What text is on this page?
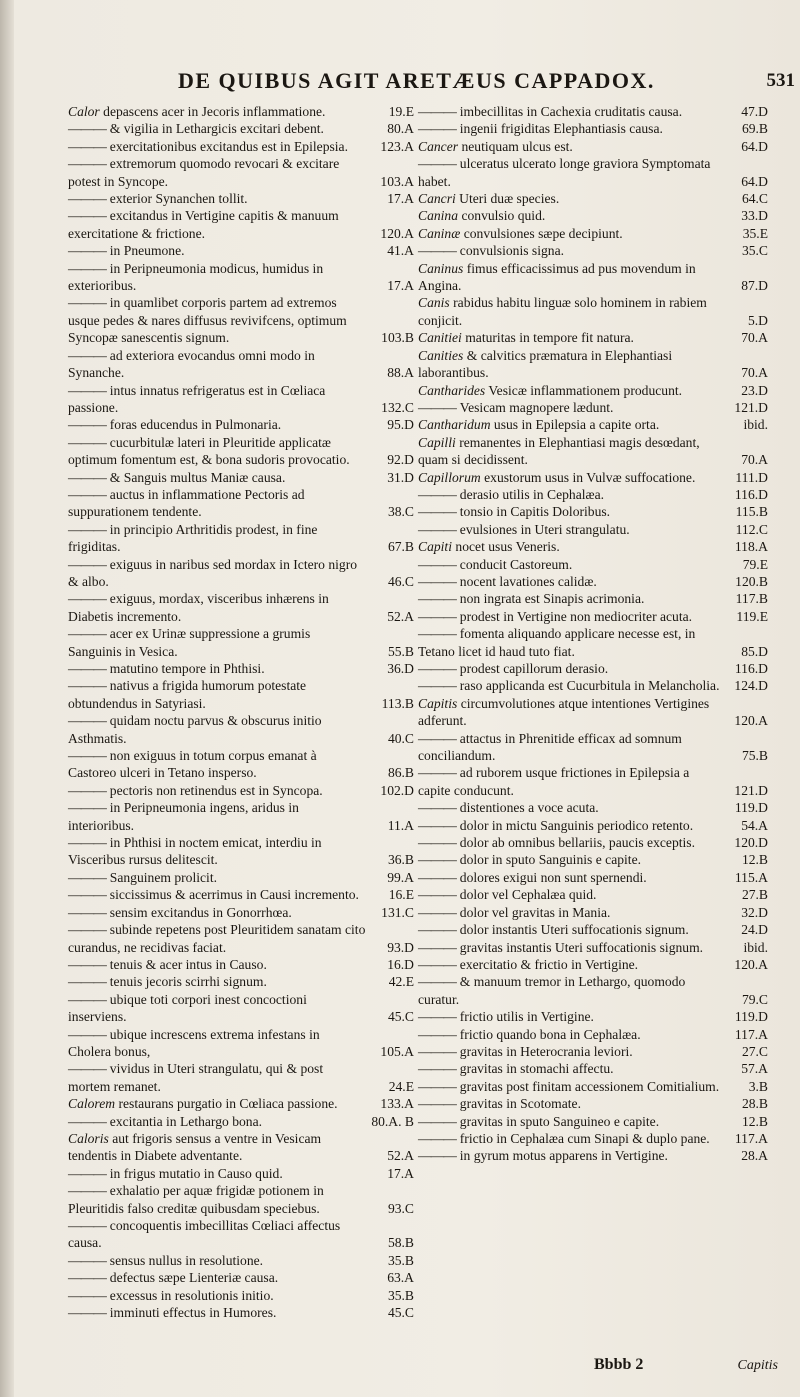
DE QUIBUS AGIT ARETÆUS CAPPADOX.	531
Calor depascens acer in Jecoris inflammatione.	19.E
——— & vigilia in Lethargicis excitari debent.	80.A
——— exercitationibus excitandus est in Epilepsia.	123.A
——— extremorum quomodo revocari & excitare potest in Syncope.	103.A
——— exterior Synanchen tollit.	17.A
——— excitandus in Vertigine capitis & manuum exercitatione & frictione.	120.A
——— in Pneumone.	41.A
——— in Peripneumonia modicus, humidus in exterioribus.	17.A
——— in quamlibet corporis partem ad extremos usque pedes & nares diffusus revivifcens, optimum Syncopæ sanescentis signum.	103.B
——— ad exteriora evocandus omni modo in Synanche.	88.A
——— intus innatus refrigeratus est in Cœliaca passione.	132.C
——— foras educendus in Pulmonaria.	95.D
——— cucurbitulæ lateri in Pleuritide applicatæ optimum fomentum est, & bona sudoris provocatio.	92.D
——— & Sanguis multus Maniæ causa.	31.D
——— auctus in inflammatione Pectoris ad suppurationem tendente.	38.C
——— in principio Arthritidis prodest, in fine frigiditas.	67.B
——— exiguus in naribus sed mordax in Ictero nigro & albo.	46.C
——— exiguus, mordax, visceribus inhærens in Diabetis incremento.	52.A
——— acer ex Urinæ suppressione a grumis Sanguinis in Vesica.	55.B
——— matutino tempore in Phthisi.	36.D
——— nativus a frigida humorum potestate obtundendus in Satyriasi.	113.B
——— quidam noctu parvus & obscurus initio Asthmatis.	40.C
——— non exiguus in totum corpus emanat à Castoreo ulceri in Tetano inspersо.	86.B
——— pectoris non retinendus est in Syncopa.	102.D
——— in Peripneumonia ingens, aridus in interioribus.	11.A
——— in Phthisi in noctem emicat, interdiu in Visceribus rursus delitescit.	36.B
——— Sanguinem prolicit.	99.A
——— siccissimus & acerrimus in Causi incremento.	16.E
——— sensim excitandus in Gonorrhœa.	131.C
——— subinde repetens post Pleuritidem sanatam cito curandus, ne recidivas faciat.	93.D
——— tenuis & acer intus in Causo.	16.D
——— tenuis jecoris scirrhi signum.	42.E
——— ubique toti corpori inest concoctioni inserviens.	45.C
——— ubique increscens extrema infestans in Cholera bonus,	105.A
——— vividus in Uteri strangulatu, qui & post mortem remanet.	24.E
Calorem restaurans purgatio in Cœliaca passione.	133.A
——— excitantia in Lethargo bona.	80.A. B
Caloris aut frigoris sensus a ventre in Vesicam tendentis in Diabete adventante.	52.A
——— in frigus mutatio in Causo quid.	17.A
——— exhalatio per aquæ frigidæ potionem in Pleuritidis falso creditæ quibusdam speciebus.	93.C
——— concoquentis imbecillitas Cœliaci affectus causa.	58.B
——— sensus nullus in resolutione.	35.B
——— defectus sæpe Lienteriæ causa.	63.A
——— excessus in resolutionis initio.	35.B
——— imminuti effectus in Humores.	45.C
——— imbecillitas in Cachexia cruditatis causa.	47.D
——— ingenii frigiditas Elephantiasis causa.	69.B
Cancer neutiquam ulcus est.	64.D
——— ulceratus ulcerato longe graviora Symptomata habet.	64.D
Cancri Uteri duæ species.	64.C
Canina convulsio quid.	33.D
Caninæ convulsiones sæpe decipiunt.	35.E
——— convulsionis signa.	35.C
Caninus fimus efficacissimus ad pus movendum in Angina.	87.D
Canis rabidus habitu linguæ solo hominem in rabiem conjicit.	5.D
Canitiei maturitas in tempore fit natura.	70.A
Canities & calvitics præmatura in Elephantiasi laborantibus.	70.A
Cantharides Vesicæ inflammationem producunt.	23.D
——— Vesicam magnopere lædunt.	121.D
Cantharidum usus in Epilepsia a capite orta.	ibid.
Capilli remanentes in Elephantiasi magis desœdant, quam si decidissent.	70.A
Capillorum exustorum usus in Vulvæ suffocatione.	111.D
——— derasio utilis in Cephalæa.	116.D
——— tonsio in Capitis Doloribus.	115.B
——— evulsiones in Uteri strangulatu.	112.C
Capiti nocet usus Veneris.	118.A
——— conducit Castoreum.	79.E
——— nocent lavationes calidæ.	120.B
——— non ingrata est Sinapis acrimonia.	117.B
——— prodest in Vertigine non mediocriter acuta.	119.E
——— fomenta aliquando applicare necesse est, in Tetano licet id haud tuto fiat.	85.D
——— prodest capillorum derasio.	116.D
——— raso applicanda est Cucurbitula in Melancholia.	124.D
Capitis circumvolutiones atque intentiones Vertigines adferunt.	120.A
——— attactus in Phrenitide efficax ad somnum conciliandum.	75.B
——— ad ruborem usque frictiones in Epilepsia a capite conducunt.	121.D
——— distentiones a voce acuta.	119.D
——— dolor in mictu Sanguinis periodico retento.	54.A
——— dolor ab omnibus bellariis, paucis exceptis.	120.D
——— dolor in sputo Sanguinis e capite.	12.B
——— dolores exigui non sunt spernendi.	115.A
——— dolor vel Cephalæa quid.	27.B
——— dolor vel gravitas in Mania.	32.D
——— dolor instantis Uteri suffocationis signum.	24.D
——— gravitas instantis Uteri suffocationis signum.	ibid.
——— exercitatio & frictio in Vertigine.	120.A
——— & manuum tremor in Lethargo, quomodo curatur.	79.C
——— frictio utilis in Vertigine.	119.D
——— frictio quando bona in Cephalæa.	117.A
——— gravitas in Heterocrania leviori.	27.C
——— gravitas in stomachi affectu.	57.A
——— gravitas post finitam accessionem Comitialium.	3.B
——— gravitas in Scotomate.	28.B
——— gravitas in sputo Sanguineo e capite.	12.B
——— frictio in Cephalæa cum Sinapi & duplo pane.	117.A
——— in gyrum motus apparens in Vertigine.	28.A
Bbbb 2	Capitis
